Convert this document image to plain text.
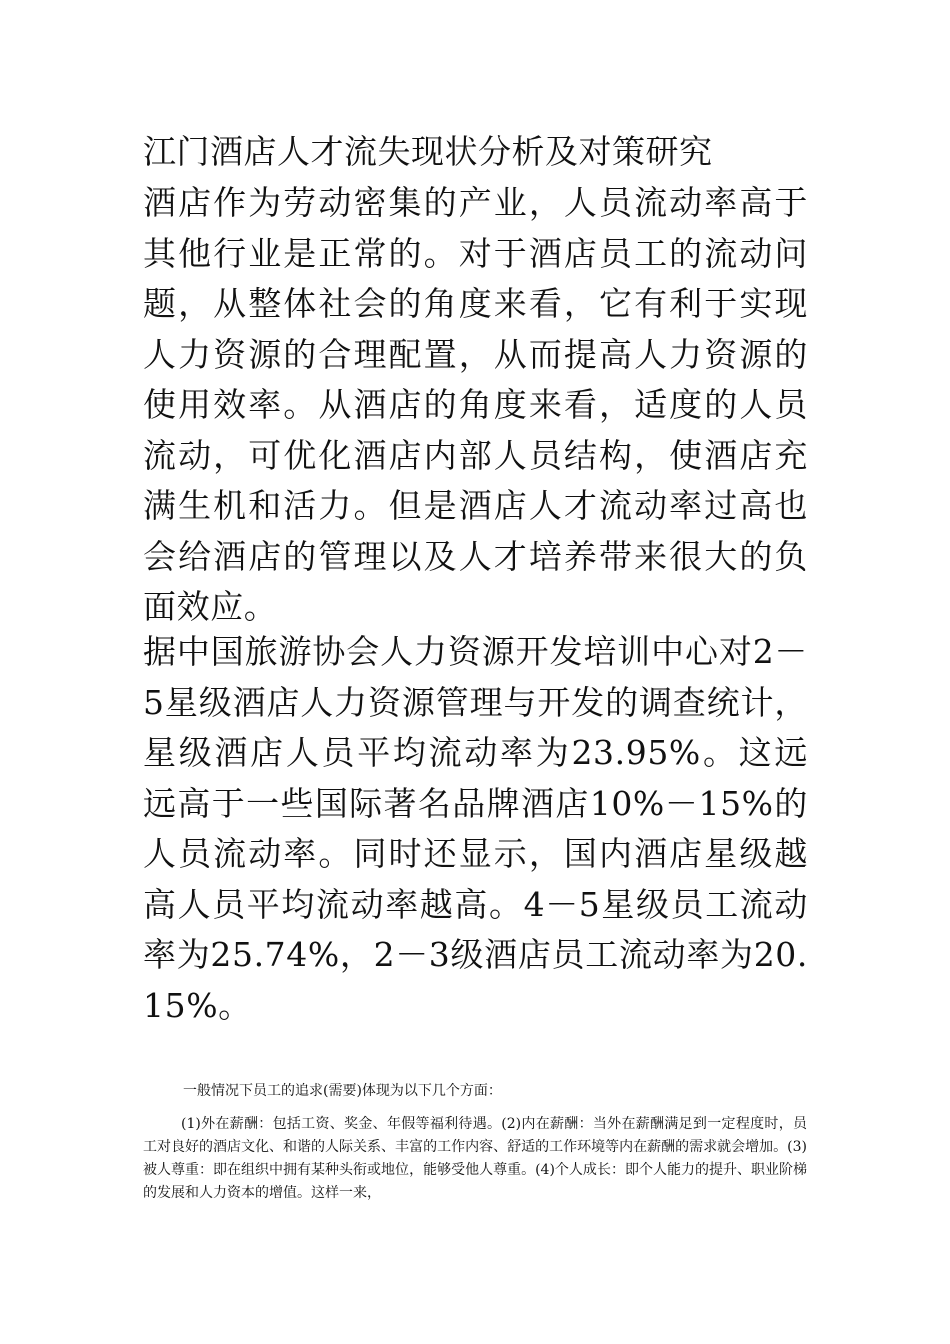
江门酒店人才流失现状分析及对策研究
酒店作为劳动密集的产业，人员流动率高于其他行业是正常的。对于酒店员工的流动问题，从整体社会的角度来看，它有利于实现人力资源的合理配置，从而提高人力资源的使用效率。从酒店的角度来看，适度的人员流动，可优化酒店内部人员结构，使酒店充满生机和活力。但是酒店人才流动率过高也会给酒店的管理以及人才培养带来很大的负面效应。
据中国旅游协会人力资源开发培训中心对2－5星级酒店人力资源管理与开发的调查统计，星级酒店人员平均流动率为23.95%。这远远高于一些国际著名品牌酒店10%－15%的人员流动率。同时还显示，国内酒店星级越高人员平均流动率越高。4－5星级员工流动率为25.74%，2－3级酒店员工流动率为20.15%。
一般情况下员工的追求(需要)体现为以下几个方面：
(1)外在薪酬：包括工资、奖金、年假等福利待遇。(2)内在薪酬：当外在薪酬满足到一定程度时，员工对良好的酒店文化、和谐的人际关系、丰富的工作内容、舒适的工作环境等内在薪酬的需求就会增加。(3)被人尊重：即在组织中拥有某种头衔或地位，能够受他人尊重。(4)个人成长：即个人能力的提升、职业阶梯的发展和人力资本的增值。这样一来，
